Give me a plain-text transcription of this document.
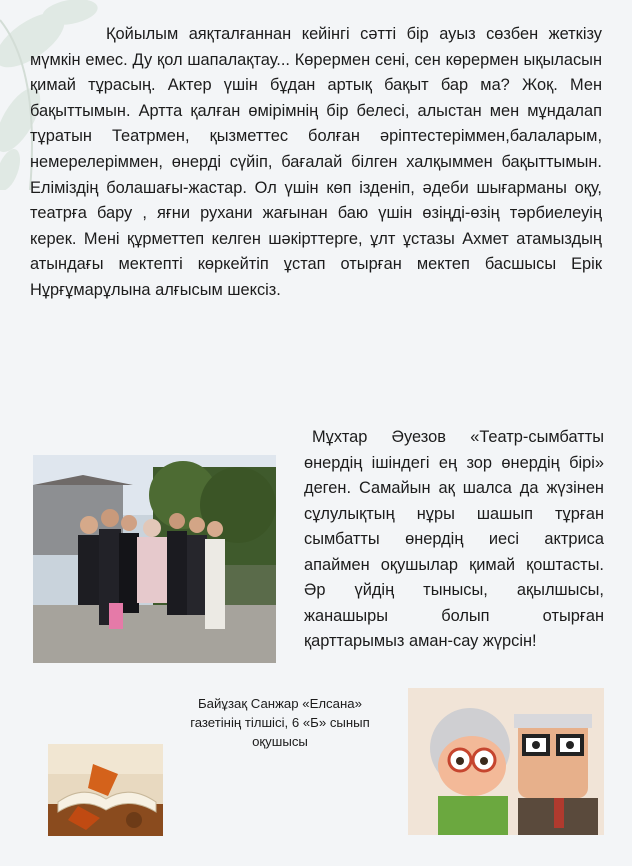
Қойылым аяқталғаннан кейінгі сәтті бір ауыз сөзбен жеткізу мүмкін емес. Ду қол шапалақтау... Көрермен сені, сен көрермен ықыласын қимай тұрасың. Актер үшін бұдан артық бақыт бар ма? Жоқ. Мен бақыттымын. Артта қалған өмірімнің бір белесі, алыстан мен мұндалап тұратын Театрмен, қызметтес болған әріптестеріммен,балаларым, немерелеріммен, өнерді сүйіп, бағалай білген халқыммен бақыттымын. Еліміздің болашағы-жастар. Ол үшін көп ізденіп, әдеби шығарманы оқу, театрға бару , яғни рухани жағынан баю үшін өзіңді-өзің тәрбиелеуің керек. Мені құрметтеп келген шәкірттерге, ұлт ұстазы Ахмет атамыздың атындағы мектепті көркейтіп ұстап отырған мектеп басшысы Ерік Нұрғұмарұлына алғысым шексіз.
Мұхтар Әуезов «Театр-сымбатты өнердің ішіндегі ең зор өнердің бірі» деген. Самайын ақ шалса да жүзінен сұлулықтың нұры шашып тұрған сымбатты өнердің иесі актриса апаймен оқушылар қимай қоштасты. Әр үйдің тынысы, ақылшысы, жанашыры болып отырған қарттарымыз аман-сау жүрсін!
Байұзақ Санжар «Елсана»
газетінің тілшісі, 6 «Б» сынып
оқушысы
